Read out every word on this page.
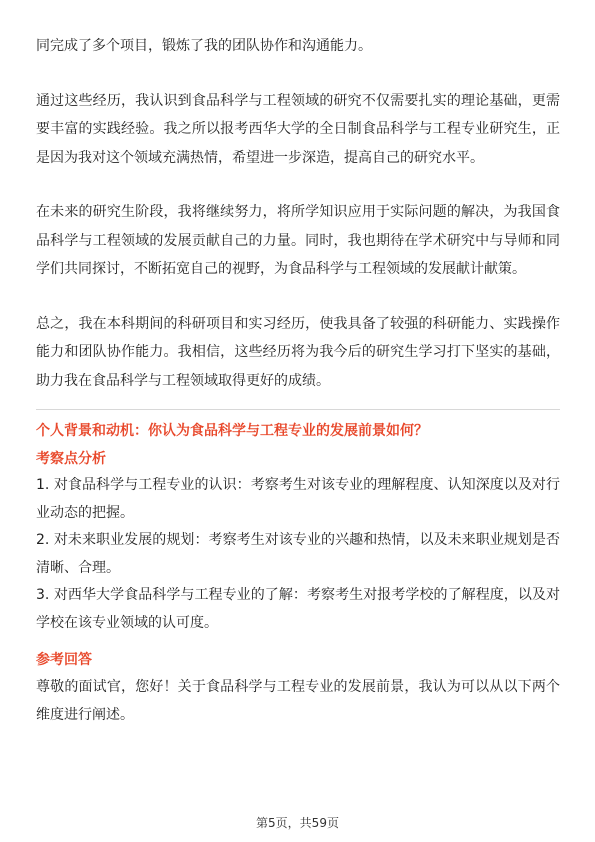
同完成了多个项目，锻炼了我的团队协作和沟通能力。

通过这些经历，我认识到食品科学与工程领域的研究不仅需要扎实的理论基础，更需要丰富的实践经验。我之所以报考西华大学的全日制食品科学与工程专业研究生，正是因为我对这个领域充满热情，希望进一步深造，提高自己的研究水平。

在未来的研究生阶段，我将继续努力，将所学知识应用于实际问题的解决，为我国食品科学与工程领域的发展贡献自己的力量。同时，我也期待在学术研究中与导师和同学们共同探讨，不断拓宽自己的视野，为食品科学与工程领域的发展献计献策。

总之，我在本科期间的科研项目和实习经历，使我具备了较强的科研能力、实践操作能力和团队协作能力。我相信，这些经历将为我今后的研究生学习打下坚实的基础，助力我在食品科学与工程领域取得更好的成绩。

个人背景和动机：你认为食品科学与工程专业的发展前景如何？
考察点分析
1. 对食品科学与工程专业的认识：考察考生对该专业的理解程度、认知深度以及对行业动态的把握。
2. 对未来职业发展的规划：考察考生对该专业的兴趣和热情，以及未来职业规划是否清晰、合理。
3. 对西华大学食品科学与工程专业的了解：考察考生对报考学校的了解程度，以及对学校在该专业领域的认可度。
参考回答

尊敬的面试官，您好！关于食品科学与工程专业的发展前景，我认为可以从以下两个维度进行阐述。

第5页，共59页
